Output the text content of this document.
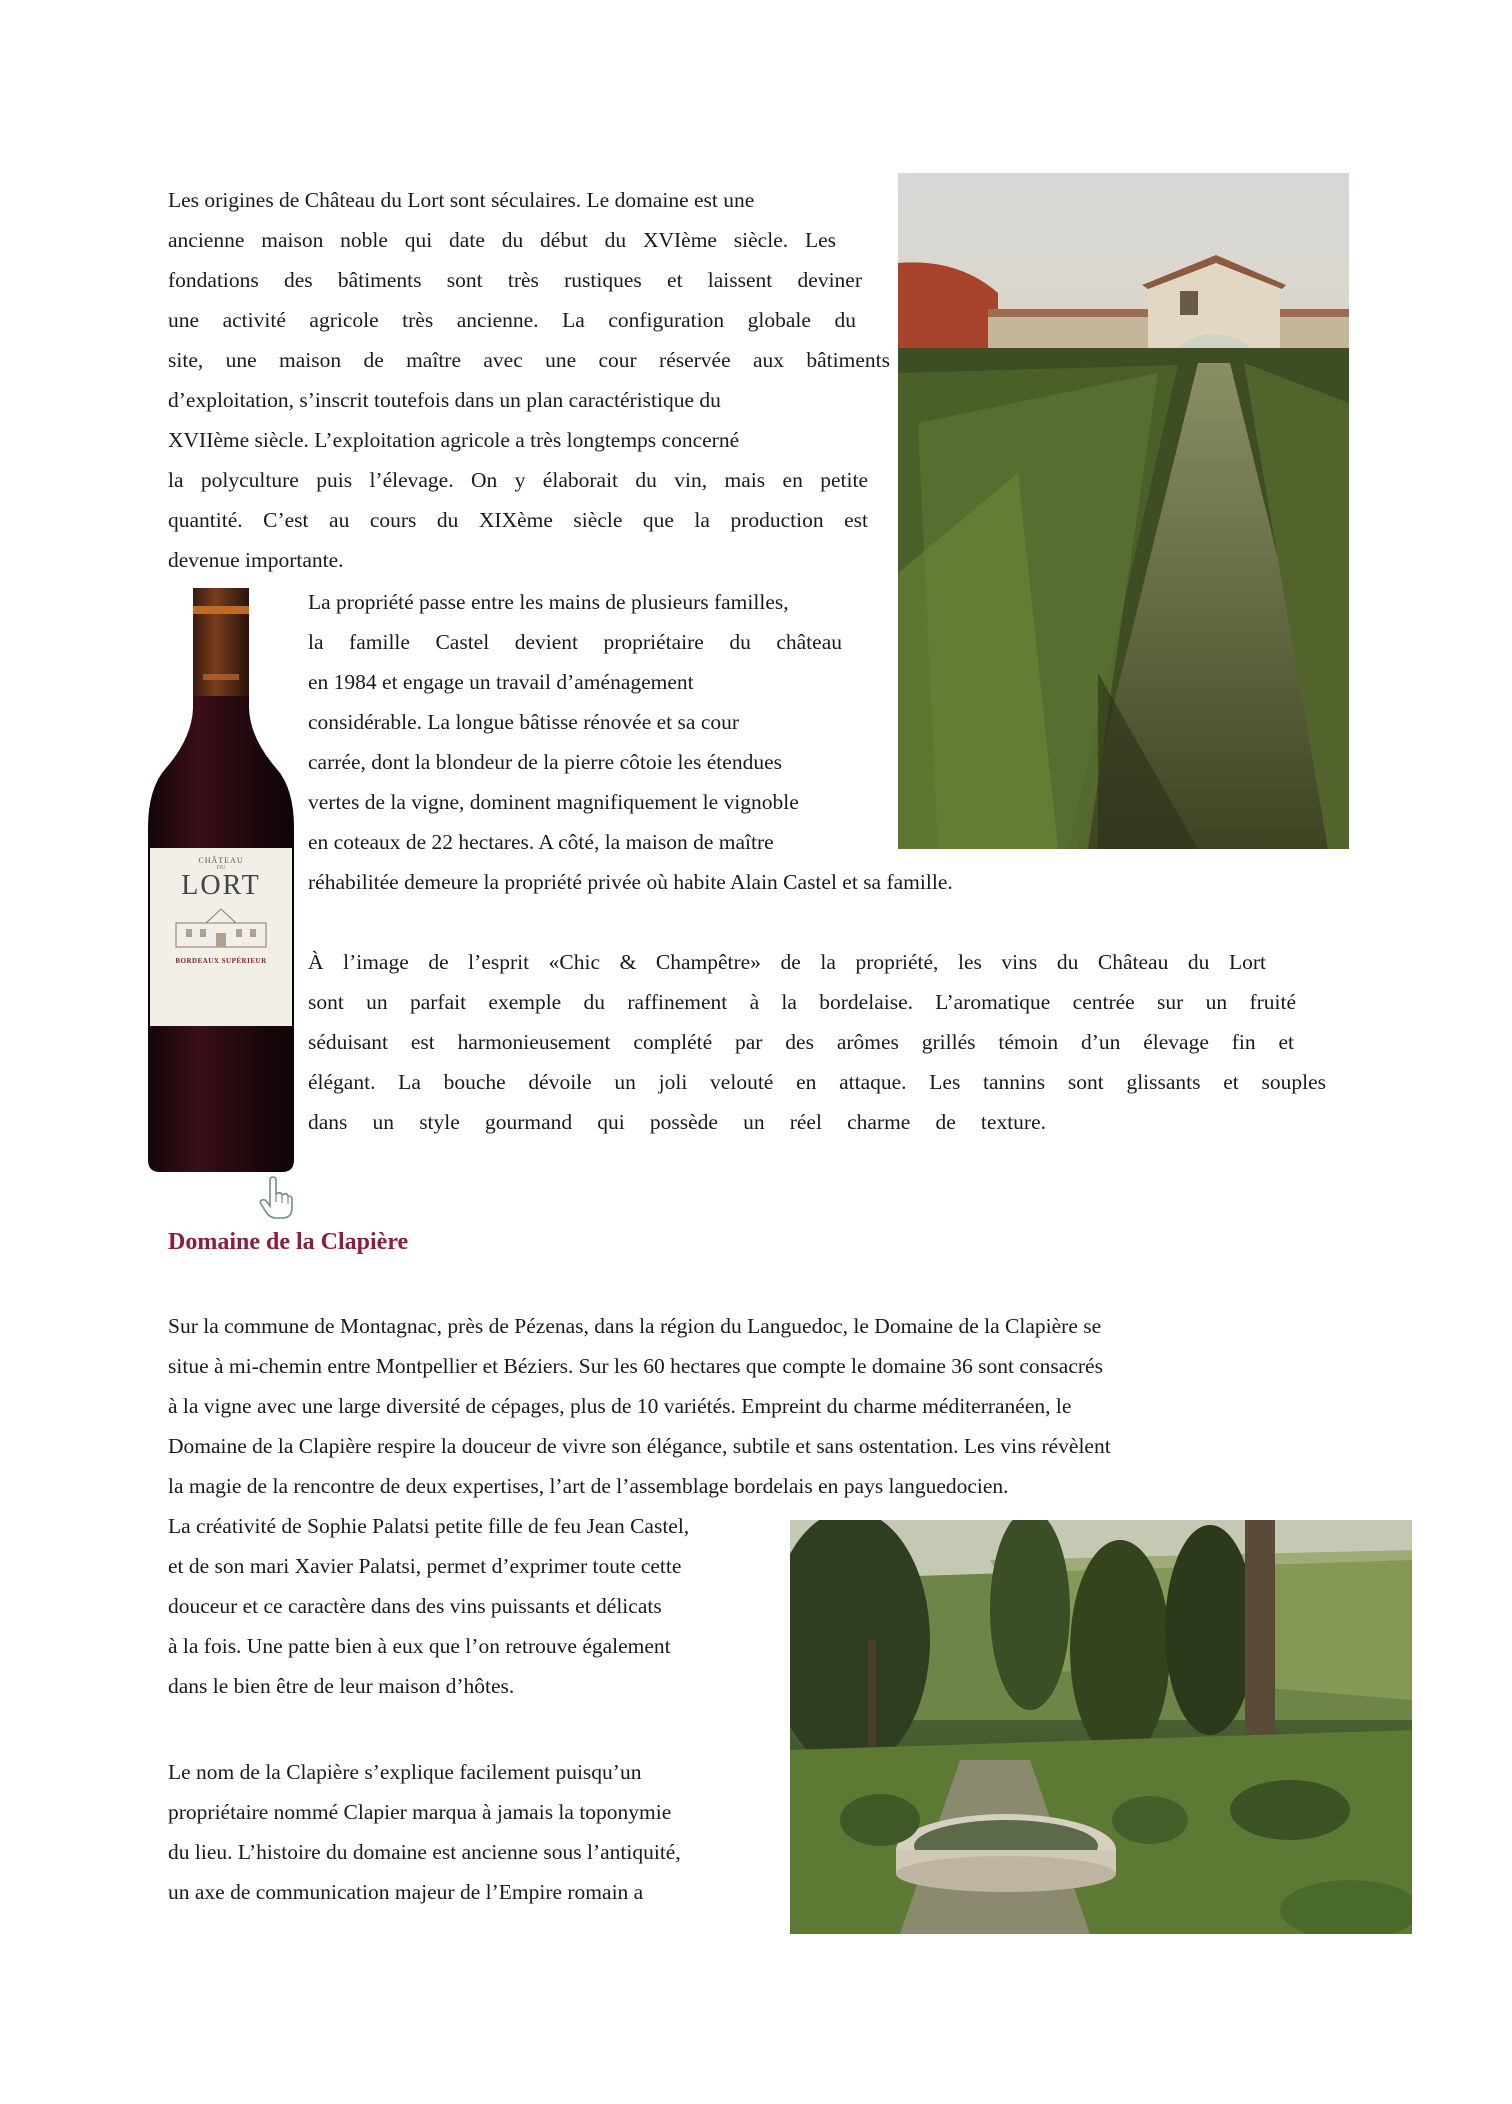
Les origines de Château du Lort sont séculaires. Le domaine est une
ancienne maison noble qui date du début du XVIème siècle. Les
fondations des bâtiments sont très rustiques et laissent deviner
une activité agricole très ancienne. La configuration globale du
site, une maison de maître avec une cour réservée aux bâtiments
d’exploitation, s’inscrit toutefois dans un plan caractéristique du
XVIIème siècle. L’exploitation agricole a très longtemps concerné
la polyculture puis l’élevage. On y élaborait du vin, mais en petite
quantité. C’est au cours du XIXème siècle que la production est
devenue importante.
CHÂTEAU
DU
LORT
BORDEAUX SUPÉRIEUR
La propriété passe entre les mains de plusieurs familles,
la famille Castel devient propriétaire du château
en 1984 et engage un travail d’aménagement
considérable. La longue bâtisse rénovée et sa cour
carrée, dont la blondeur de la pierre côtoie les étendues
vertes de la vigne, dominent magnifiquement le vignoble
en coteaux de 22 hectares. A côté, la maison de maître
réhabilitée demeure la propriété privée où habite Alain Castel et sa famille.
À l’image de l’esprit «Chic & Champêtre» de la propriété, les vins du Château du Lort
sont un parfait exemple du raffinement à la bordelaise. L’aromatique centrée sur un fruité
séduisant est harmonieusement complété par des arômes grillés témoin d’un élevage fin et
élégant. La bouche dévoile un joli velouté en attaque. Les tannins sont glissants et souples
dans un style gourmand qui possède un réel charme de texture.
Domaine de la Clapière
Sur la commune de Montagnac, près de Pézenas, dans la région du Languedoc, le Domaine de la Clapière se
situe à mi-chemin entre Montpellier et Béziers. Sur les 60 hectares que compte le domaine 36 sont consacrés
à la vigne avec une large diversité de cépages, plus de 10 variétés. Empreint du charme méditerranéen, le
Domaine de la Clapière respire la douceur de vivre son élégance, subtile et sans ostentation. Les vins révèlent
la magie de la rencontre de deux expertises, l’art de l’assemblage bordelais en pays languedocien.
La créativité de Sophie Palatsi petite fille de feu Jean Castel,
et de son mari Xavier Palatsi, permet d’exprimer toute cette
douceur et ce caractère dans des vins puissants et délicats
à la fois. Une patte bien à eux que l’on retrouve également
dans le bien être de leur maison d’hôtes.
Le nom de la Clapière s’explique facilement puisqu’un
propriétaire nommé Clapier marqua à jamais la toponymie
du lieu. L’histoire du domaine est ancienne sous l’antiquité,
un axe de communication majeur de l’Empire romain a
